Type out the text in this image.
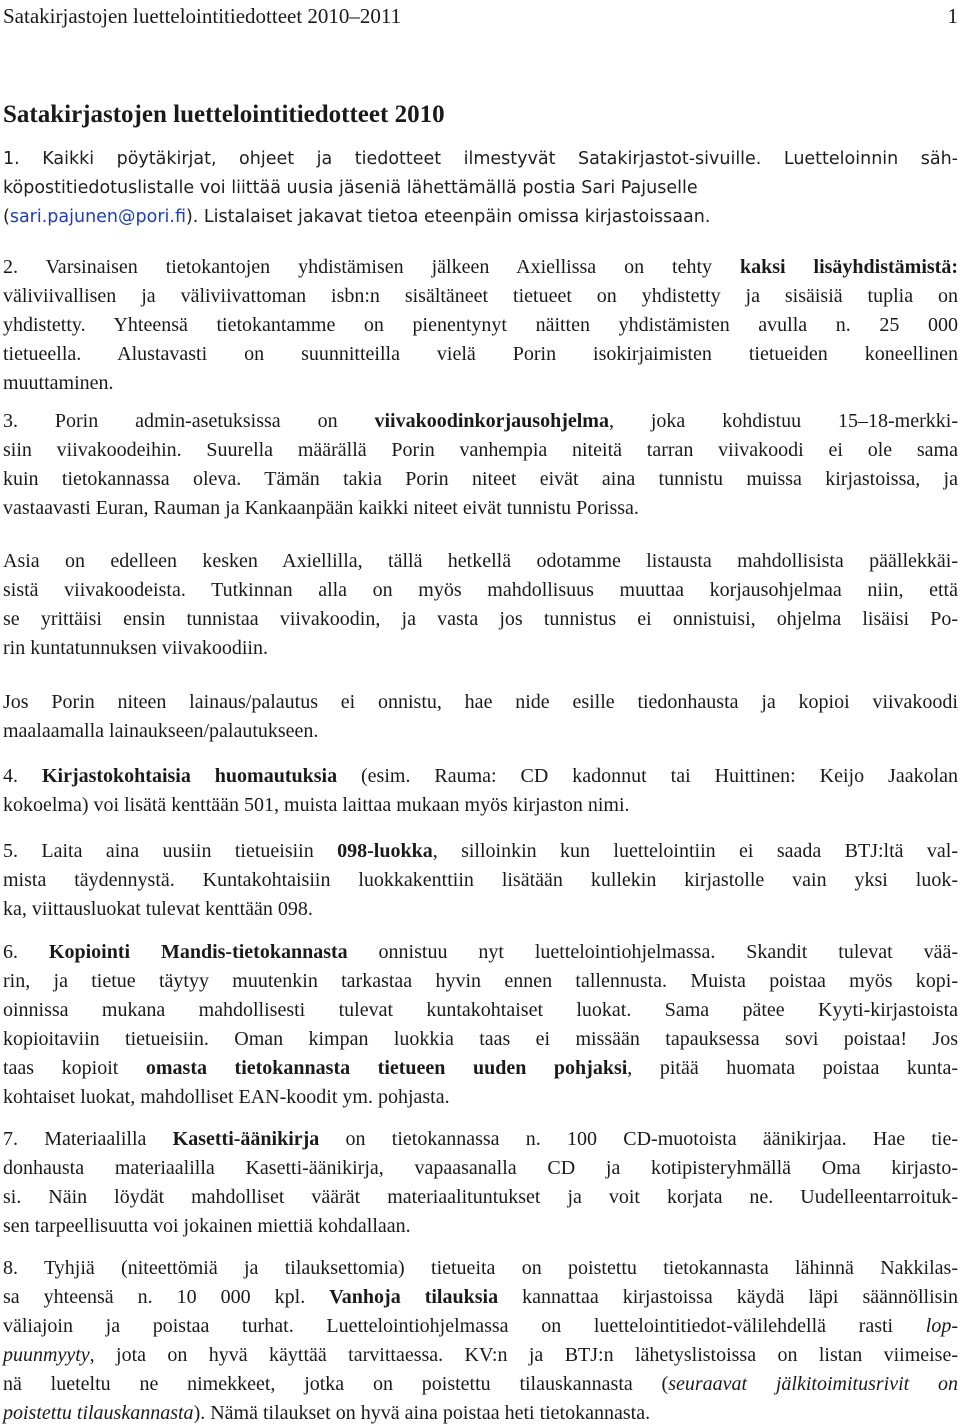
Satakirjastojen luettelointitiedotteet 2010–2011	1
Satakirjastojen luettelointitiedotteet 2010

1. Kaikki pöytäkirjat, ohjeet ja tiedotteet ilmestyvät Satakirjastot-sivuille. Luetteloinnin säh-
köpostitiedotuslistalle voi liittää uusia jäseniä lähettämällä postia Sari Pajuselle
(sari.pajunen@pori.fi). Listalaiset jakavat tietoa eteenpäin omissa kirjastoissaan.

2. Varsinaisen tietokantojen yhdistämisen jälkeen Axiellissa on tehty kaksi lisäyhdistämistä:
väliviivallisen ja väliviivattoman isbn:n sisältäneet tietueet on yhdistetty ja sisäisiä tuplia on
yhdistetty. Yhteensä tietokantamme on pienentynyt näitten yhdistämisten avulla n. 25 000
tietueella. Alustavasti on suunnitteilla vielä Porin isokirjaimisten tietueiden koneellinen
muuttaminen.

3. Porin admin-asetuksissa on viivakoodinkorjausohjelma, joka kohdistuu 15–18-merkki-
siin viivakoodeihin. Suurella määrällä Porin vanhempia niteitä tarran viivakoodi ei ole sama
kuin tietokannassa oleva. Tämän takia Porin niteet eivät aina tunnistu muissa kirjastoissa, ja
vastaavasti Euran, Rauman ja Kankaanpään kaikki niteet eivät tunnistu Porissa.

Asia on edelleen kesken Axiellilla, tällä hetkellä odotamme listausta mahdollisista päällekkäi-
sistä viivakoodeista. Tutkinnan alla on myös mahdollisuus muuttaa korjausohjelmaa niin, että
se yrittäisi ensin tunnistaa viivakoodin, ja vasta jos tunnistus ei onnistuisi, ohjelma lisäisi Po-
rin kuntatunnuksen viivakoodiin.

Jos Porin niteen lainaus/palautus ei onnistu, hae nide esille tiedonhausta ja kopioi viivakoodi
maalaamalla lainaukseen/palautukseen.

4. Kirjastokohtaisia huomautuksia (esim. Rauma: CD kadonnut tai Huittinen: Keijo Jaakolan
kokoelma) voi lisätä kenttään 501, muista laittaa mukaan myös kirjaston nimi.

5. Laita aina uusiin tietueisiin 098-luokka, silloinkin kun luettelointiin ei saada BTJ:ltä val-
mista täydennystä. Kuntakohtaisiin luokkakenttiin lisätään kullekin kirjastolle vain yksi luok-
ka, viittausluokat tulevat kenttään 098.

6. Kopiointi Mandis-tietokannasta onnistuu nyt luettelointiohjelmassa. Skandit tulevat vää-
rin, ja tietue täytyy muutenkin tarkastaa hyvin ennen tallennusta. Muista poistaa myös kopi-
oinnissa mukana mahdollisesti tulevat kuntakohtaiset luokat. Sama pätee Kyyti-kirjastoista
kopioitaviin tietueisiin. Oman kimpan luokkia taas ei missään tapauksessa sovi poistaa! Jos
taas kopioit omasta tietokannasta tietueen uuden pohjaksi, pitää huomata poistaa kunta-
kohtaiset luokat, mahdolliset EAN-koodit ym. pohjasta.

7. Materiaalilla Kasetti-äänikirja on tietokannassa n. 100 CD-muotoista äänikirjaa. Hae tie-
donhausta materiaalilla Kasetti-äänikirja, vapaasanalla CD ja kotipisteryhmällä Oma kirjasto-
si. Näin löydät mahdolliset väärät materiaalituntukset ja voit korjata ne. Uudelleentarroituk-
sen tarpeellisuutta voi jokainen miettiä kohdallaan.

8. Tyhjiä (niteettömiä ja tilauksettomia) tietueita on poistettu tietokannasta lähinnä Nakkilas-
sa yhteensä n. 10 000 kpl. Vanhoja tilauksia kannattaa kirjastoissa käydä läpi säännöllisin
väliajoin ja poistaa turhat. Luettelointiohjelmassa on luettelointitiedot-välilehdellä rasti lop-
puunmyyty, jota on hyvä käyttää tarvittaessa. KV:n ja BTJ:n lähetyslistoissa on listan viimeise-
nä lueteltu ne nimekkeet, jotka on poistettu tilauskannasta (seuraavat jälkitoimitusrivit on
poistettu tilauskannasta). Nämä tilaukset on hyvä aina poistaa heti tietokannasta.
